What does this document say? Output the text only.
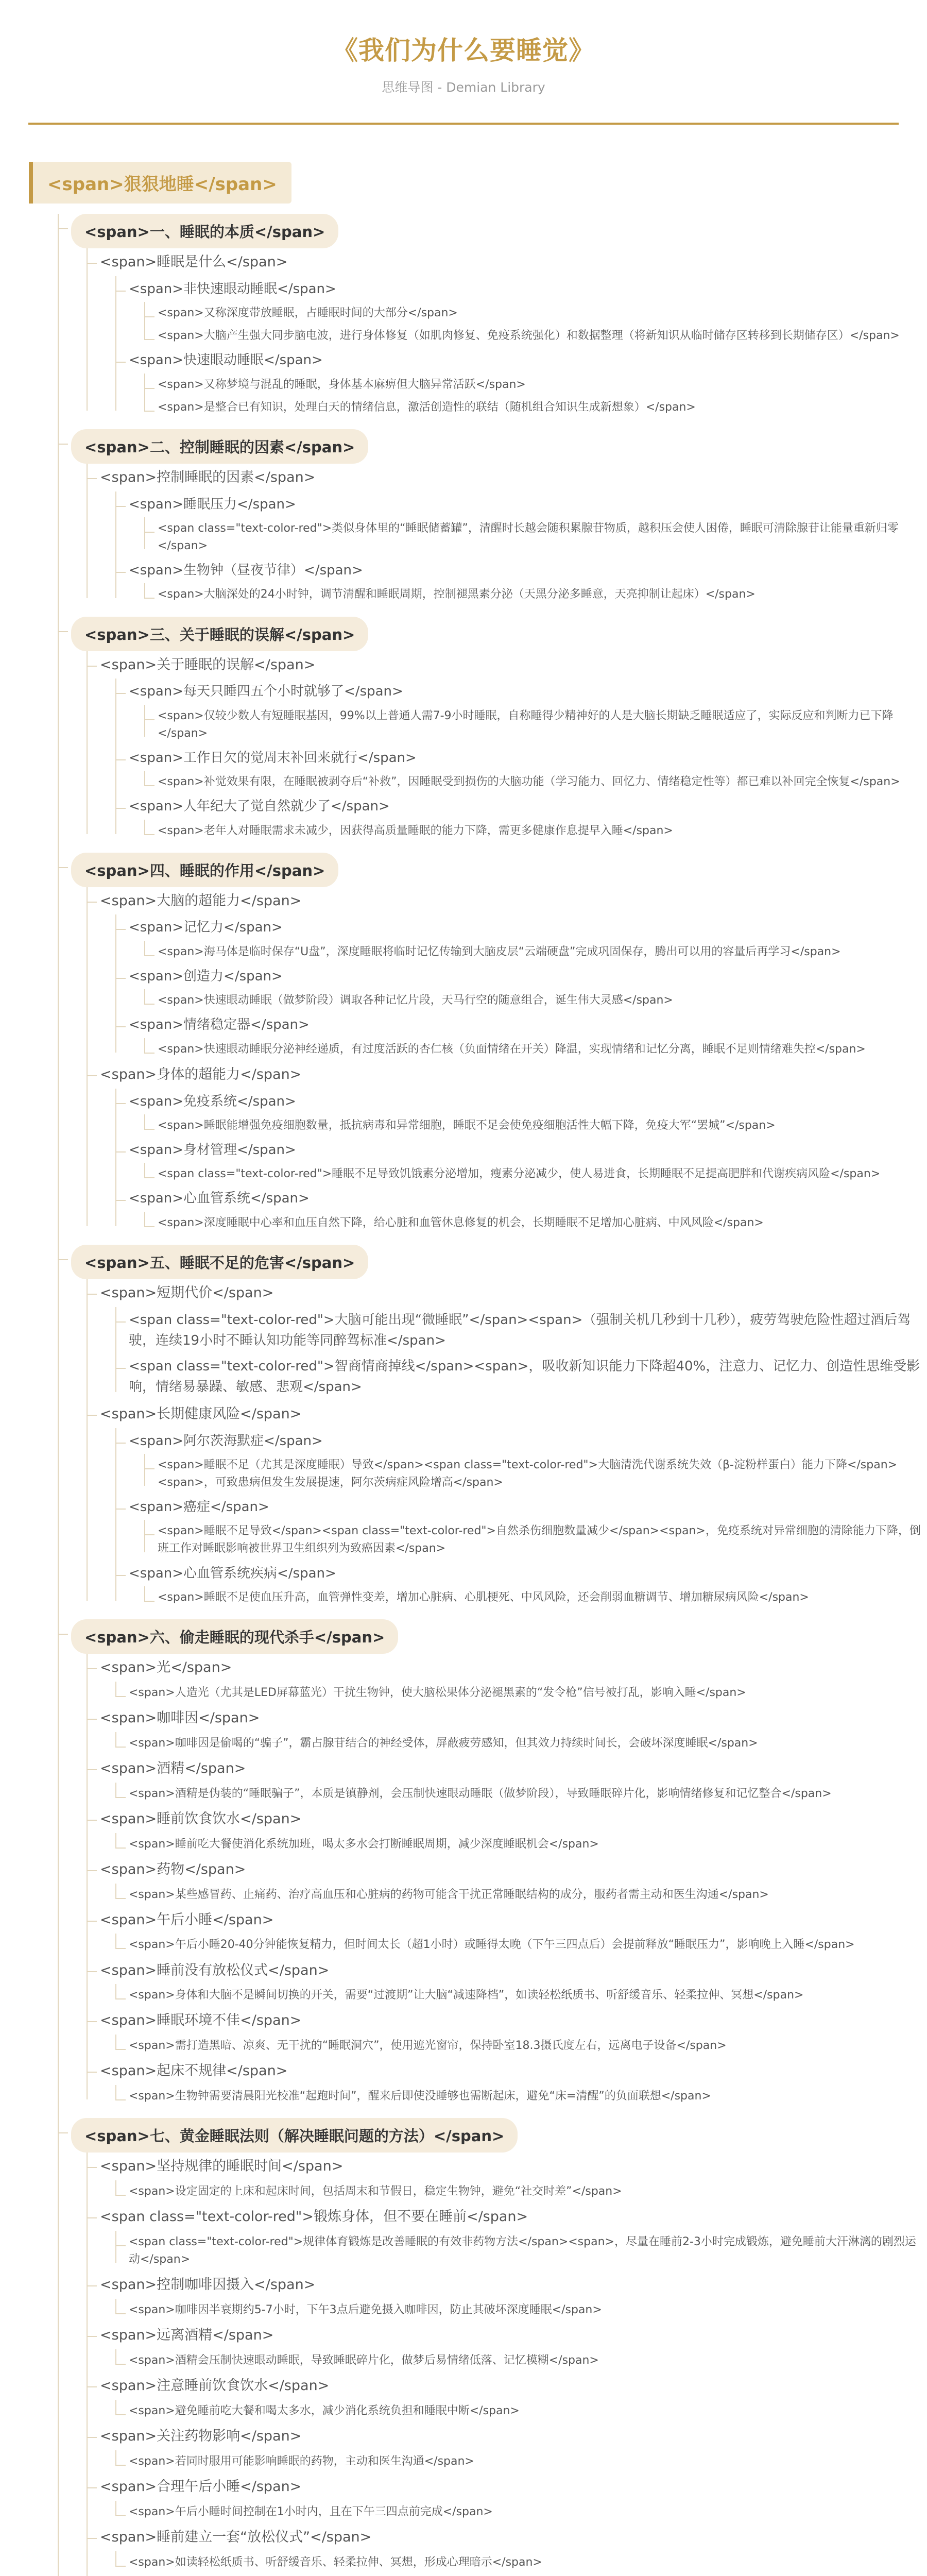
《我们为什么要睡觉》
思维导图 - Demian Library
<span>狠狠地睡</span>
<span>一、睡眠的本质</span>
<span>睡眠是什么</span>
<span>非快速眼动睡眠</span>
<span>又称深度带放睡眠，占睡眠时间的大部分</span>
<span>大脑产生强大同步脑电波，进行身体修复（如肌肉修复、免疫系统强化）和数据整理（将新知识从临时储存区转移到长期储存区）</span>
<span>快速眼动睡眠</span>
<span>又称梦境与混乱的睡眠，身体基本麻痹但大脑异常活跃</span>
<span>是整合已有知识，处理白天的情绪信息，激活创造性的联结（随机组合知识生成新想象）</span>
<span>二、控制睡眠的因素</span>
<span>控制睡眠的因素</span>
<span>睡眠压力</span>
<span class="text-color-red">类似身体里的“睡眠储蓄罐”，清醒时长越会随积累腺苷物质，越积压会使人困倦，睡眠可清除腺苷让能量重新归零</span>
<span>生物钟（昼夜节律）</span>
<span>大脑深处的24小时钟，调节清醒和睡眠周期，控制褪黑素分泌（天黑分泌多睡意，天亮抑制让起床）</span>
<span>三、关于睡眠的误解</span>
<span>关于睡眠的误解</span>
<span>每天只睡四五个小时就够了</span>
<span>仅较少数人有短睡眠基因，99%以上普通人需7-9小时睡眠，自称睡得少精神好的人是大脑长期缺乏睡眠适应了，实际反应和判断力已下降</span>
<span>工作日欠的觉周末补回来就行</span>
<span>补觉效果有限，在睡眠被剥夺后“补救”，因睡眠受到损伤的大脑功能（学习能力、回忆力、情绪稳定性等）都已难以补回完全恢复</span>
<span>人年纪大了觉自然就少了</span>
<span>老年人对睡眠需求未减少，因获得高质量睡眠的能力下降，需更多健康作息提早入睡</span>
<span>四、睡眠的作用</span>
<span>大脑的超能力</span>
<span>记忆力</span>
<span>海马体是临时保存“U盘”，深度睡眠将临时记忆传输到大脑皮层“云端硬盘”完成巩固保存，腾出可以用的容量后再学习</span>
<span>创造力</span>
<span>快速眼动睡眠（做梦阶段）调取各种记忆片段，天马行空的随意组合，诞生伟大灵感</span>
<span>情绪稳定器</span>
<span>快速眼动睡眠分泌神经递质，有过度活跃的杏仁核（负面情绪在开关）降温，实现情绪和记忆分离，睡眠不足则情绪难失控</span>
<span>身体的超能力</span>
<span>免疫系统</span>
<span>睡眠能增强免疫细胞数量，抵抗病毒和异常细胞，睡眠不足会使免疫细胞活性大幅下降，免疫大军“罢城”</span>
<span>身材管理</span>
<span class="text-color-red">睡眠不足导致饥饿素分泌增加，瘦素分泌减少，使人易进食，长期睡眠不足提高肥胖和代谢疾病风险</span>
<span>心血管系统</span>
<span>深度睡眠中心率和血压自然下降，给心脏和血管休息修复的机会，长期睡眠不足增加心脏病、中风风险</span>
<span>五、睡眠不足的危害</span>
<span>短期代价</span>
<span class="text-color-red">大脑可能出现“微睡眠”</span><span>（强制关机几秒到十几秒），疲劳驾驶危险性超过酒后驾驶，连续19小时不睡认知功能等同醉驾标准</span>
<span class="text-color-red">智商情商掉线</span><span>，吸收新知识能力下降超40%，注意力、记忆力、创造性思维受影响，情绪易暴躁、敏感、悲观</span>
<span>长期健康风险</span>
<span>阿尔茨海默症</span>
<span>睡眠不足（尤其是深度睡眠）导致</span><span class="text-color-red">大脑清洗代谢系统失效（β-淀粉样蛋白）能力下降</span><span>，可致患病但发生发展提速，阿尔茨病症风险增高</span>
<span>癌症</span>
<span>睡眠不足导致</span><span class="text-color-red">自然杀伤细胞数量减少</span><span>，免疫系统对异常细胞的清除能力下降，倒班工作对睡眠影响被世界卫生组织列为致癌因素</span>
<span>心血管系统疾病</span>
<span>睡眠不足使血压升高，血管弹性变差，增加心脏病、心肌梗死、中风风险，还会削弱血糖调节、增加糖尿病风险</span>
<span>六、偷走睡眠的现代杀手</span>
<span>光</span>
<span>人造光（尤其是LED屏幕蓝光）干扰生物钟，使大脑松果体分泌褪黑素的“发令枪”信号被打乱，影响入睡</span>
<span>咖啡因</span>
<span>咖啡因是偷喝的“骗子”，霸占腺苷结合的神经受体，屏蔽疲劳感知，但其效力持续时间长，会破坏深度睡眠</span>
<span>酒精</span>
<span>酒精是伪装的“睡眠骗子”，本质是镇静剂，会压制快速眼动睡眠（做梦阶段），导致睡眠碎片化，影响情绪修复和记忆整合</span>
<span>睡前饮食饮水</span>
<span>睡前吃大餐使消化系统加班，喝太多水会打断睡眠周期，减少深度睡眠机会</span>
<span>药物</span>
<span>某些感冒药、止痛药、治疗高血压和心脏病的药物可能含干扰正常睡眠结构的成分，服药者需主动和医生沟通</span>
<span>午后小睡</span>
<span>午后小睡20-40分钟能恢复精力，但时间太长（超1小时）或睡得太晚（下午三四点后）会提前释放“睡眠压力”，影响晚上入睡</span>
<span>睡前没有放松仪式</span>
<span>身体和大脑不是瞬间切换的开关，需要“过渡期”让大脑“减速降档”，如读轻松纸质书、听舒缓音乐、轻柔拉伸、冥想</span>
<span>睡眠环境不佳</span>
<span>需打造黑暗、凉爽、无干扰的“睡眠洞穴”，使用遮光窗帘，保持卧室18.3摄氏度左右，远离电子设备</span>
<span>起床不规律</span>
<span>生物钟需要清晨阳光校准“起跑时间”，醒来后即使没睡够也需断起床，避免“床=清醒”的负面联想</span>
<span>七、黄金睡眠法则（解决睡眠问题的方法）</span>
<span>坚持规律的睡眠时间</span>
<span>设定固定的上床和起床时间，包括周末和节假日，稳定生物钟，避免“社交时差”</span>
<span class="text-color-red">锻炼身体，但不要在睡前</span>
<span class="text-color-red">规律体育锻炼是改善睡眠的有效非药物方法</span><span>，尽量在睡前2-3小时完成锻炼，避免睡前大汗淋漓的剧烈运动</span>
<span>控制咖啡因摄入</span>
<span>咖啡因半衰期约5-7小时，下午3点后避免摄入咖啡因，防止其破坏深度睡眠</span>
<span>远离酒精</span>
<span>酒精会压制快速眼动睡眠，导致睡眠碎片化，做梦后易情绪低落、记忆模糊</span>
<span>注意睡前饮食饮水</span>
<span>避免睡前吃大餐和喝太多水，减少消化系统负担和睡眠中断</span>
<span>关注药物影响</span>
<span>若同时服用可能影响睡眠的药物，主动和医生沟通</span>
<span>合理午后小睡</span>
<span>午后小睡时间控制在1小时内，且在下午三四点前完成</span>
<span>睡前建立一套“放松仪式”</span>
<span>如读轻松纸质书、听舒缓音乐、轻柔拉伸、冥想，形成心理暗示</span>
